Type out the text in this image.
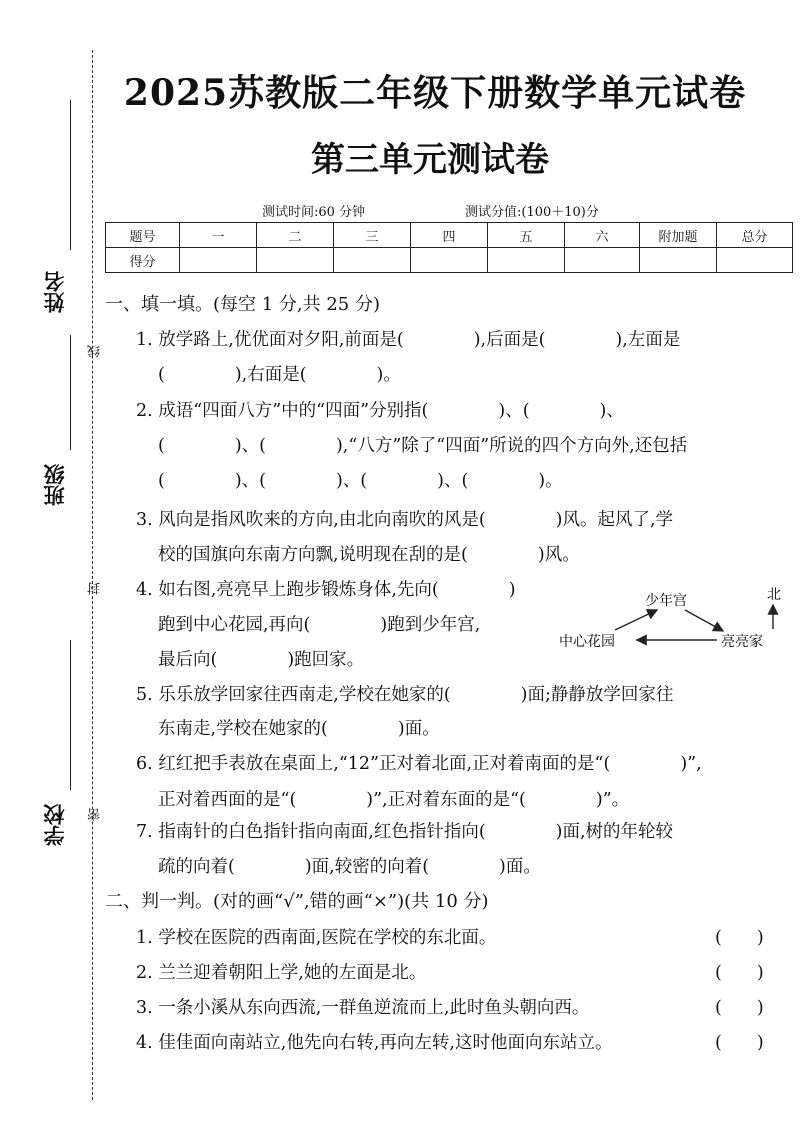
姓名
班级
学校
线
封
密
2025苏教版二年级下册数学单元试卷
第三单元测试卷
测试时间:60 分钟	测试分值:(100＋10)分
题号	一	二	三	四	五	六	附加题	总分
得分								
一、填一填。(每空 1 分,共 25 分)
1. 放学路上,优优面对夕阳,前面是(　　　　),后面是(　　　　),左面是
(　　　　),右面是(　　　　)。
2. 成语“四面八方”中的“四面”分别指(　　　　)、(　　　　)、
(　　　　)、(　　　　),“八方”除了“四面”所说的四个方向外,还包括
(　　　　)、(　　　　)、(　　　　)、(　　　　)。
3. 风向是指风吹来的方向,由北向南吹的风是(　　　　)风。起风了,学
校的国旗向东南方向飘,说明现在刮的是(　　　　)风。
4. 如右图,亮亮早上跑步锻炼身体,先向(　　　　)
跑到中心花园,再向(　　　　)跑到少年宫,
最后向(　　　　)跑回家。
5. 乐乐放学回家往西南走,学校在她家的(　　　　)面;静静放学回家往
东南走,学校在她家的(　　　　)面。
6. 红红把手表放在桌面上,“12”正对着北面,正对着南面的是“(　　　　)”,
正对着西面的是“(　　　　)”,正对着东面的是“(　　　　)”。
7. 指南针的白色指针指向南面,红色指针指向(　　　　)面,树的年轮较
疏的向着(　　　　)面,较密的向着(　　　　)面。
少年宫
中心花园	亮亮家
北
二、判一判。(对的画“√”,错的画“×”)(共 10 分)
1. 学校在医院的西南面,医院在学校的东北面。	(　　)
2. 兰兰迎着朝阳上学,她的左面是北。	(　　)
3. 一条小溪从东向西流,一群鱼逆流而上,此时鱼头朝向西。	(　　)
4. 佳佳面向南站立,他先向右转,再向左转,这时他面向东站立。	(　　)
